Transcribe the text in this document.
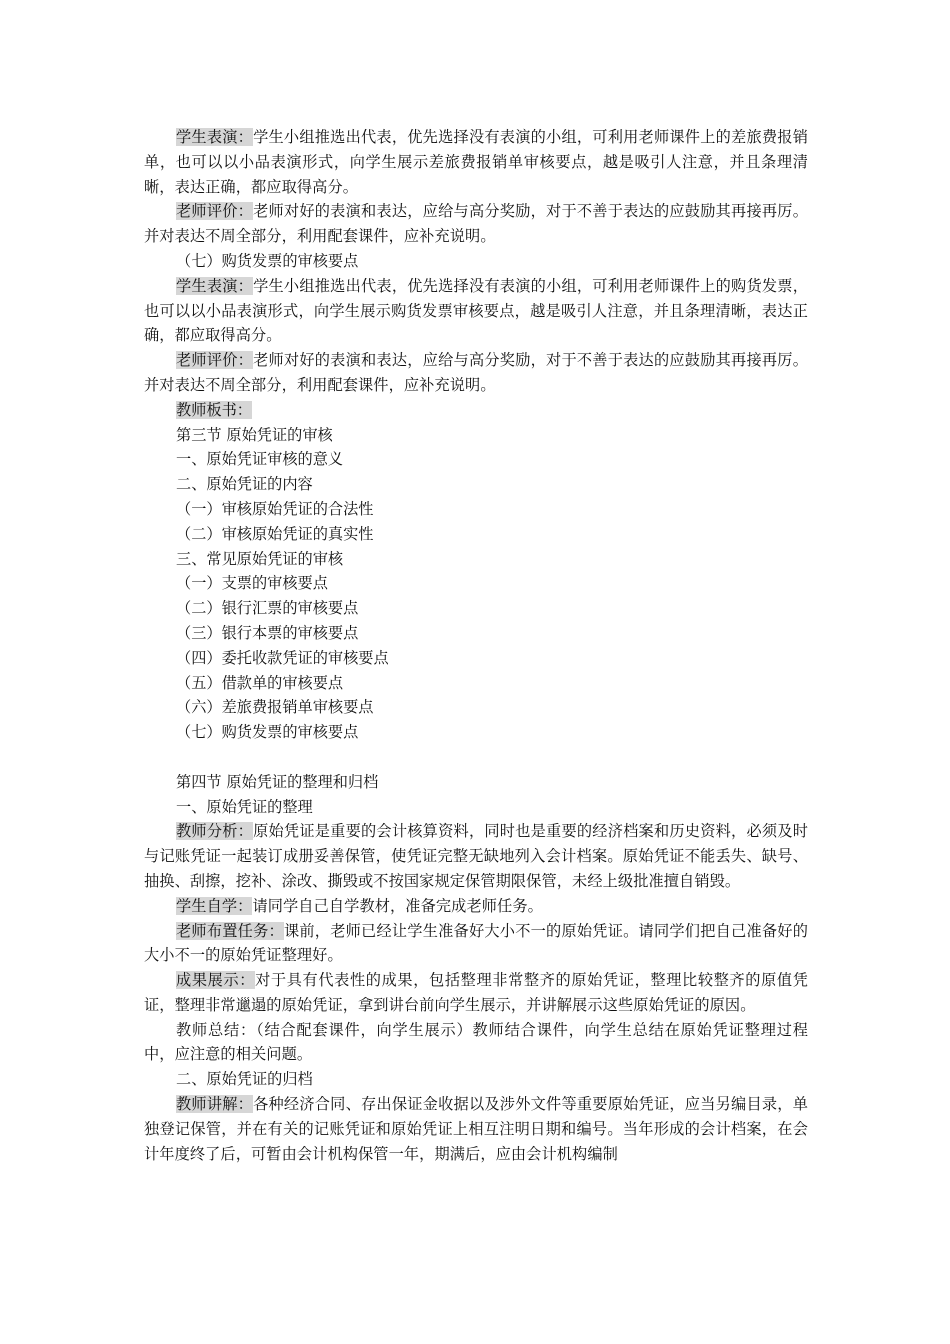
学生表演：学生小组推选出代表，优先选择没有表演的小组，可利用老师课件上的差旅费报销单，也可以以小品表演形式，向学生展示差旅费报销单审核要点，越是吸引人注意，并且条理清晰，表达正确，都应取得高分。

老师评价：老师对好的表演和表达，应给与高分奖励，对于不善于表达的应鼓励其再接再厉。并对表达不周全部分，利用配套课件，应补充说明。

（七）购货发票的审核要点

学生表演：学生小组推选出代表，优先选择没有表演的小组，可利用老师课件上的购货发票，也可以以小品表演形式，向学生展示购货发票审核要点，越是吸引人注意，并且条理清晰，表达正确，都应取得高分。

老师评价：老师对好的表演和表达，应给与高分奖励，对于不善于表达的应鼓励其再接再厉。并对表达不周全部分，利用配套课件，应补充说明。

教师板书：

第三节 原始凭证的审核

一、原始凭证审核的意义

二、原始凭证的内容

（一）审核原始凭证的合法性

（二）审核原始凭证的真实性

三、常见原始凭证的审核

（一）支票的审核要点

（二）银行汇票的审核要点

（三）银行本票的审核要点

（四）委托收款凭证的审核要点

（五）借款单的审核要点

（六）差旅费报销单审核要点

（七）购货发票的审核要点

第四节 原始凭证的整理和归档

一、原始凭证的整理

教师分析：原始凭证是重要的会计核算资料，同时也是重要的经济档案和历史资料，必须及时与记账凭证一起装订成册妥善保管，使凭证完整无缺地列入会计档案。原始凭证不能丢失、缺号、抽换、刮擦，挖补、涂改、撕毁或不按国家规定保管期限保管，未经上级批准擅自销毁。

学生自学：请同学自己自学教材，准备完成老师任务。

老师布置任务：课前，老师已经让学生准备好大小不一的原始凭证。请同学们把自己准备好的大小不一的原始凭证整理好。

成果展示：对于具有代表性的成果，包括整理非常整齐的原始凭证，整理比较整齐的原值凭证，整理非常邋遢的原始凭证，拿到讲台前向学生展示，并讲解展示这些原始凭证的原因。

教师总结：（结合配套课件，向学生展示）教师结合课件，向学生总结在原始凭证整理过程中，应注意的相关问题。

二、原始凭证的归档

教师讲解：各种经济合同、存出保证金收据以及涉外文件等重要原始凭证，应当另编目录，单独登记保管，并在有关的记账凭证和原始凭证上相互注明日期和编号。当年形成的会计档案，在会计年度终了后，可暂由会计机构保管一年，期满后，应由会计机构编制
